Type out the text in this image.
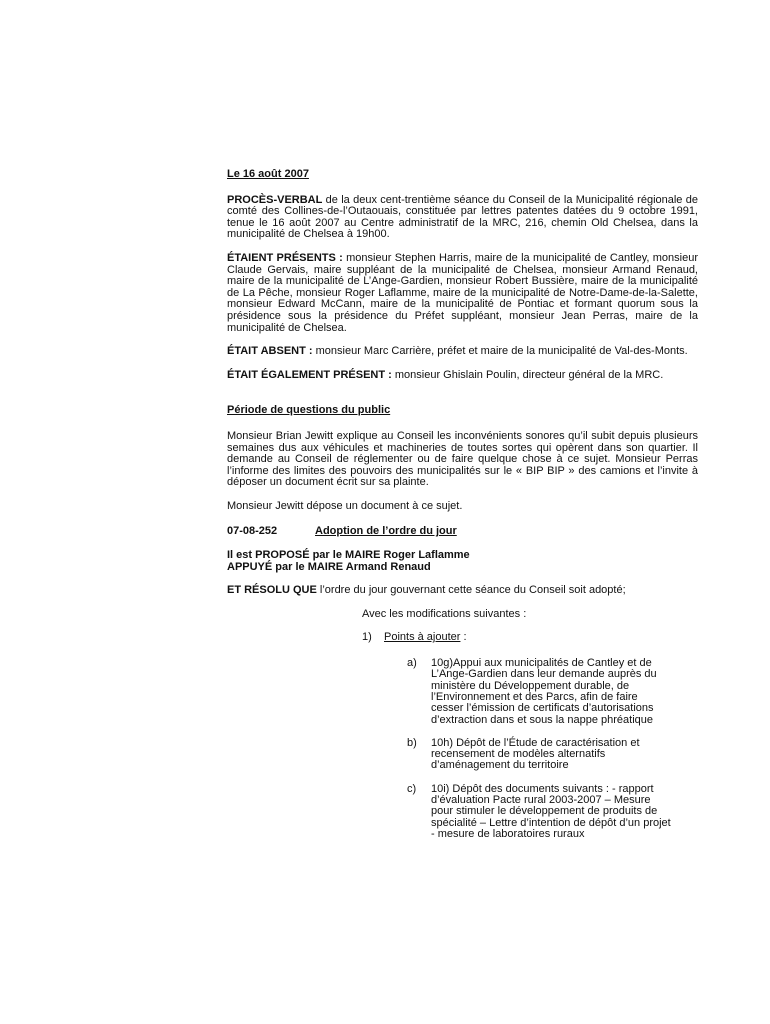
Le 16 août 2007

PROCÈS-VERBAL de la deux cent-trentième séance du Conseil de la Municipalité régionale de comté des Collines-de-l’Outaouais, constituée par lettres patentes datées du 9 octobre 1991, tenue le 16 août 2007 au Centre administratif de la MRC, 216, chemin Old Chelsea, dans la municipalité de Chelsea à 19h00.

ÉTAIENT PRÉSENTS : monsieur Stephen Harris, maire de la municipalité de Cantley, monsieur Claude Gervais, maire suppléant de la municipalité de Chelsea, monsieur Armand Renaud, maire de la municipalité de L’Ange-Gardien, monsieur Robert Bussière, maire de la municipalité de La Pêche, monsieur Roger Laflamme, maire de la municipalité de Notre-Dame-de-la-Salette, monsieur Edward McCann, maire de la municipalité de Pontiac et formant quorum sous la présidence sous la présidence du Préfet suppléant, monsieur Jean Perras, maire de la municipalité de Chelsea.

ÉTAIT ABSENT : monsieur Marc Carrière, préfet et maire de la municipalité de Val-des-Monts.

ÉTAIT ÉGALEMENT PRÉSENT : monsieur Ghislain Poulin, directeur général de la MRC.

Période de questions du public

Monsieur Brian Jewitt explique au Conseil les inconvénients sonores qu’il subit depuis plusieurs semaines dus aux véhicules et machineries de toutes sortes qui opèrent dans son quartier. Il demande au Conseil de réglementer ou de faire quelque chose à ce sujet. Monsieur Perras l’informe des limites des pouvoirs des municipalités sur le « BIP BIP » des camions et l’invite à déposer un document écrit sur sa plainte.

Monsieur Jewitt dépose un document à ce sujet.

07-08-252	Adoption de l’ordre du jour

Il est PROPOSÉ par le MAIRE Roger Laflamme

APPUYÉ par le MAIRE Armand Renaud

ET RÉSOLU QUE l’ordre du jour gouvernant cette séance du Conseil soit adopté;

Avec les modifications suivantes :

1)	Points à ajouter :
a)	10g)Appui aux municipalités de Cantley et de L’Ange-Gardien dans leur demande auprès du ministère du Développement durable, de l’Environnement et des Parcs, afin de faire cesser l’émission de certificats d’autorisations d’extraction dans et sous la nappe phréatique
b)	10h) Dépôt de l’Étude de caractérisation et recensement de modèles alternatifs d’aménagement du territoire
c)	10i) Dépôt des documents suivants : - rapport d’évaluation Pacte rural 2003-2007 – Mesure pour stimuler le développement de produits de spécialité – Lettre d’intention de dépôt d’un projet - mesure de laboratoires ruraux
